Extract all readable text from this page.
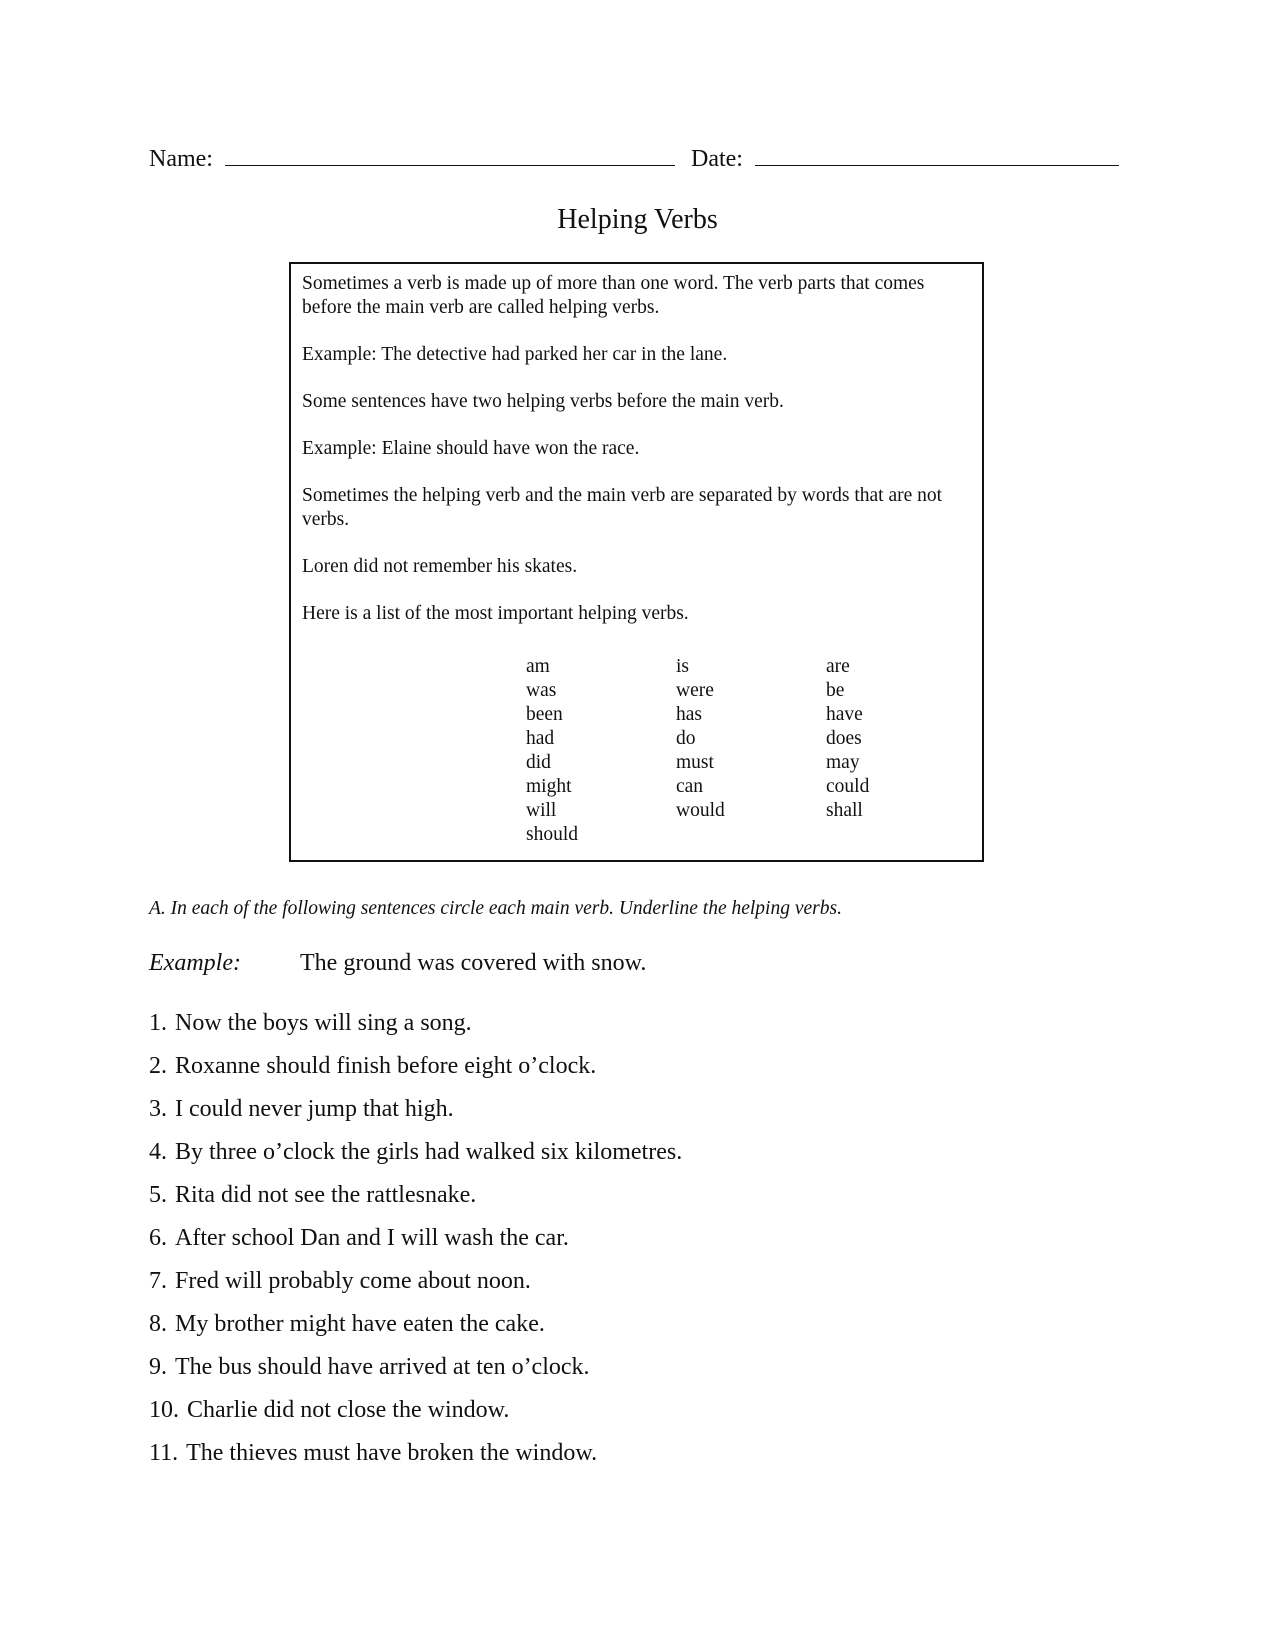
Name:	Date:
Helping Verbs

Sometimes a verb is made up of more than one word. The verb parts that comes before the main verb are called helping verbs.

Example: The detective had parked her car in the lane.

Some sentences have two helping verbs before the main verb.

Example: Elaine should have won the race.

Sometimes the helping verb and the main verb are separated by words that are not verbs.

Loren did not remember his skates.

Here is a list of the most important helping verbs.

am
was
been
had
did
might
will
should
is
were
has
do
must
can
would
are
be
have
does
may
could
shall
A. In each of the following sentences circle each main verb. Underline the helping verbs.
Example:	The ground was covered with snow.
1. Now the boys will sing a song.
2. Roxanne should finish before eight o’clock.
3. I could never jump that high.
4. By three o’clock the girls had walked six kilometres.
5. Rita did not see the rattlesnake.
6. After school Dan and I will wash the car.
7. Fred will probably come about noon.
8. My brother might have eaten the cake.
9. The bus should have arrived at ten o’clock.
10. Charlie did not close the window.
11. The thieves must have broken the window.
